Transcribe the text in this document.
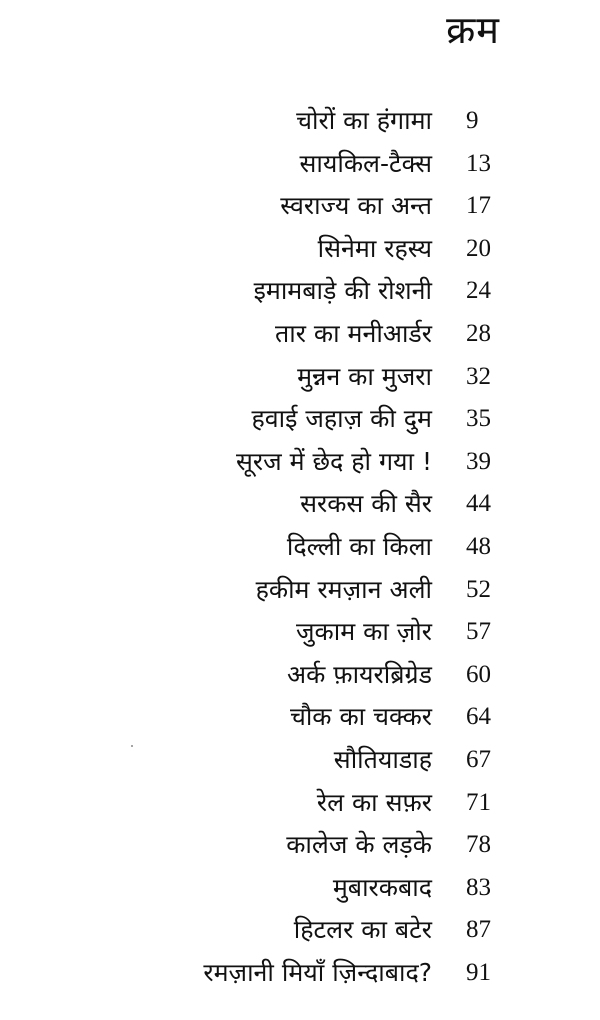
क्रम
चोरों का हंगामा 9
सायकिल-टैक्स 13
स्वराज्य का अन्त 17
सिनेमा रहस्य 20
इमामबाड़े की रोशनी 24
तार का मनीआर्डर 28
मुन्नन का मुजरा 32
हवाई जहाज़ की दुम 35
सूरज में छेद हो गया ! 39
सरकस की सैर 44
दिल्ली का किला 48
हकीम रमज़ान अली 52
जुकाम का ज़ोर 57
अर्क फ़ायरब्रिग्रेड 60
चौक का चक्कर 64
सौतियाडाह 67
रेल का सफ़र 71
कालेज के लड़के 78
मुबारकबाद 83
हिटलर का बटेर 87
रमज़ानी मियाँ ज़िन्दाबाद? 91
